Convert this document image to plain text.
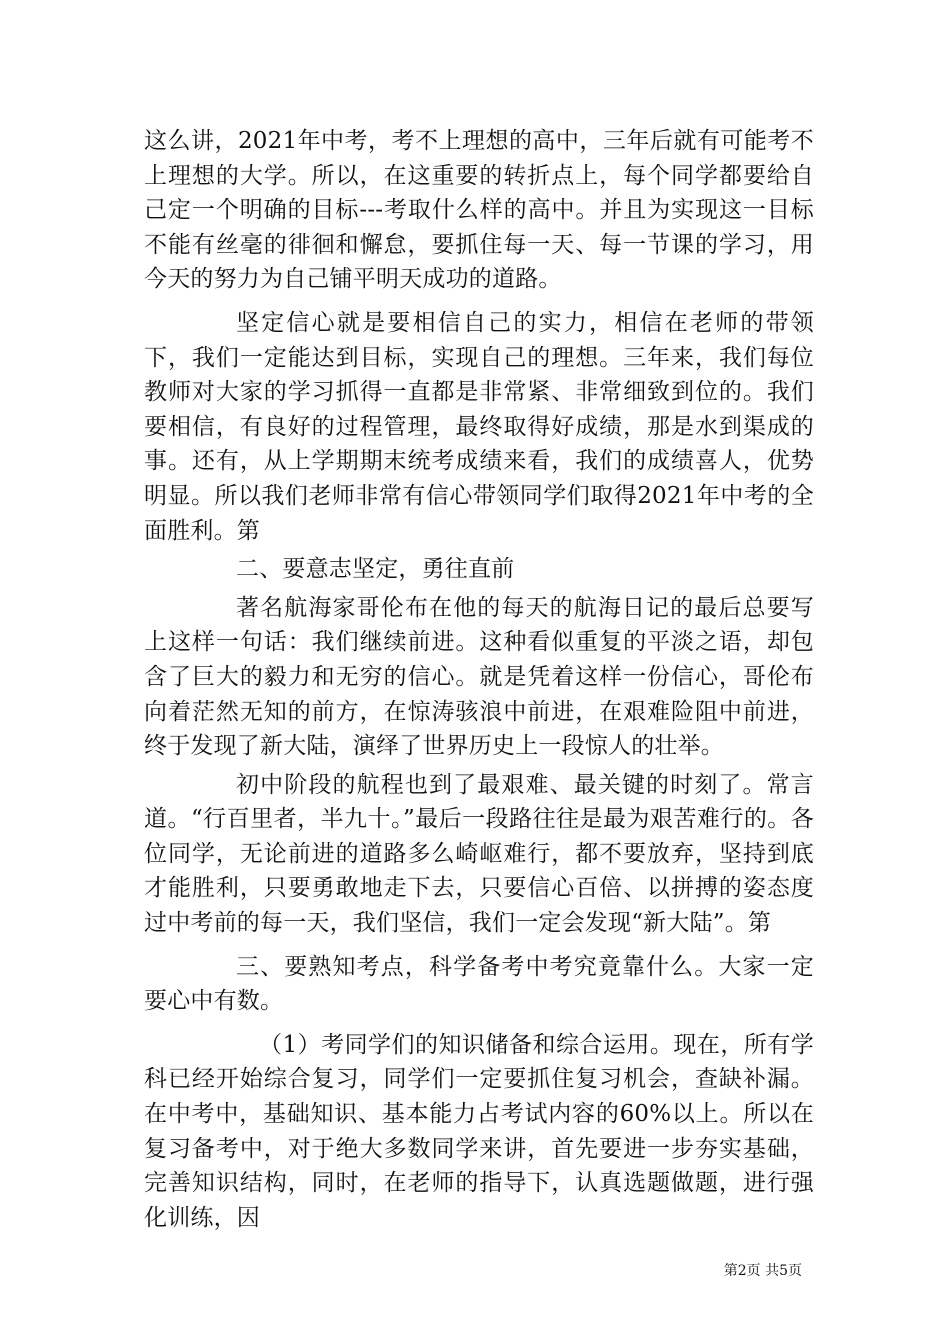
这么讲，2021年中考，考不上理想的高中，三年后就有可能考不上理想的大学。所以，在这重要的转折点上，每个同学都要给自己定一个明确的目标---考取什么样的高中。并且为实现这一目标不能有丝毫的徘徊和懈怠，要抓住每一天、每一节课的学习，用今天的努力为自己铺平明天成功的道路。

坚定信心就是要相信自己的实力，相信在老师的带领下，我们一定能达到目标，实现自己的理想。三年来，我们每位教师对大家的学习抓得一直都是非常紧、非常细致到位的。我们要相信，有良好的过程管理，最终取得好成绩，那是水到渠成的事。还有，从上学期期末统考成绩来看，我们的成绩喜人，优势明显。所以我们老师非常有信心带领同学们取得2021年中考的全面胜利。第

二、要意志坚定，勇往直前

著名航海家哥伦布在他的每天的航海日记的最后总要写上这样一句话：我们继续前进。这种看似重复的平淡之语，却包含了巨大的毅力和无穷的信心。就是凭着这样一份信心，哥伦布向着茫然无知的前方，在惊涛骇浪中前进，在艰难险阻中前进，终于发现了新大陆，演绎了世界历史上一段惊人的壮举。

初中阶段的航程也到了最艰难、最关键的时刻了。常言道。“行百里者，半九十。”最后一段路往往是最为艰苦难行的。各位同学，无论前进的道路多么崎岖难行，都不要放弃，坚持到底才能胜利，只要勇敢地走下去，只要信心百倍、以拼搏的姿态度过中考前的每一天，我们坚信，我们一定会发现“新大陆”。第

三、要熟知考点，科学备考中考究竟靠什么。大家一定要心中有数。

（1）考同学们的知识储备和综合运用。现在，所有学科已经开始综合复习，同学们一定要抓住复习机会，查缺补漏。在中考中，基础知识、基本能力占考试内容的60%以上。所以在复习备考中，对于绝大多数同学来讲，首先要进一步夯实基础，完善知识结构，同时，在老师的指导下，认真选题做题，进行强化训练，因

第2页 共5页
